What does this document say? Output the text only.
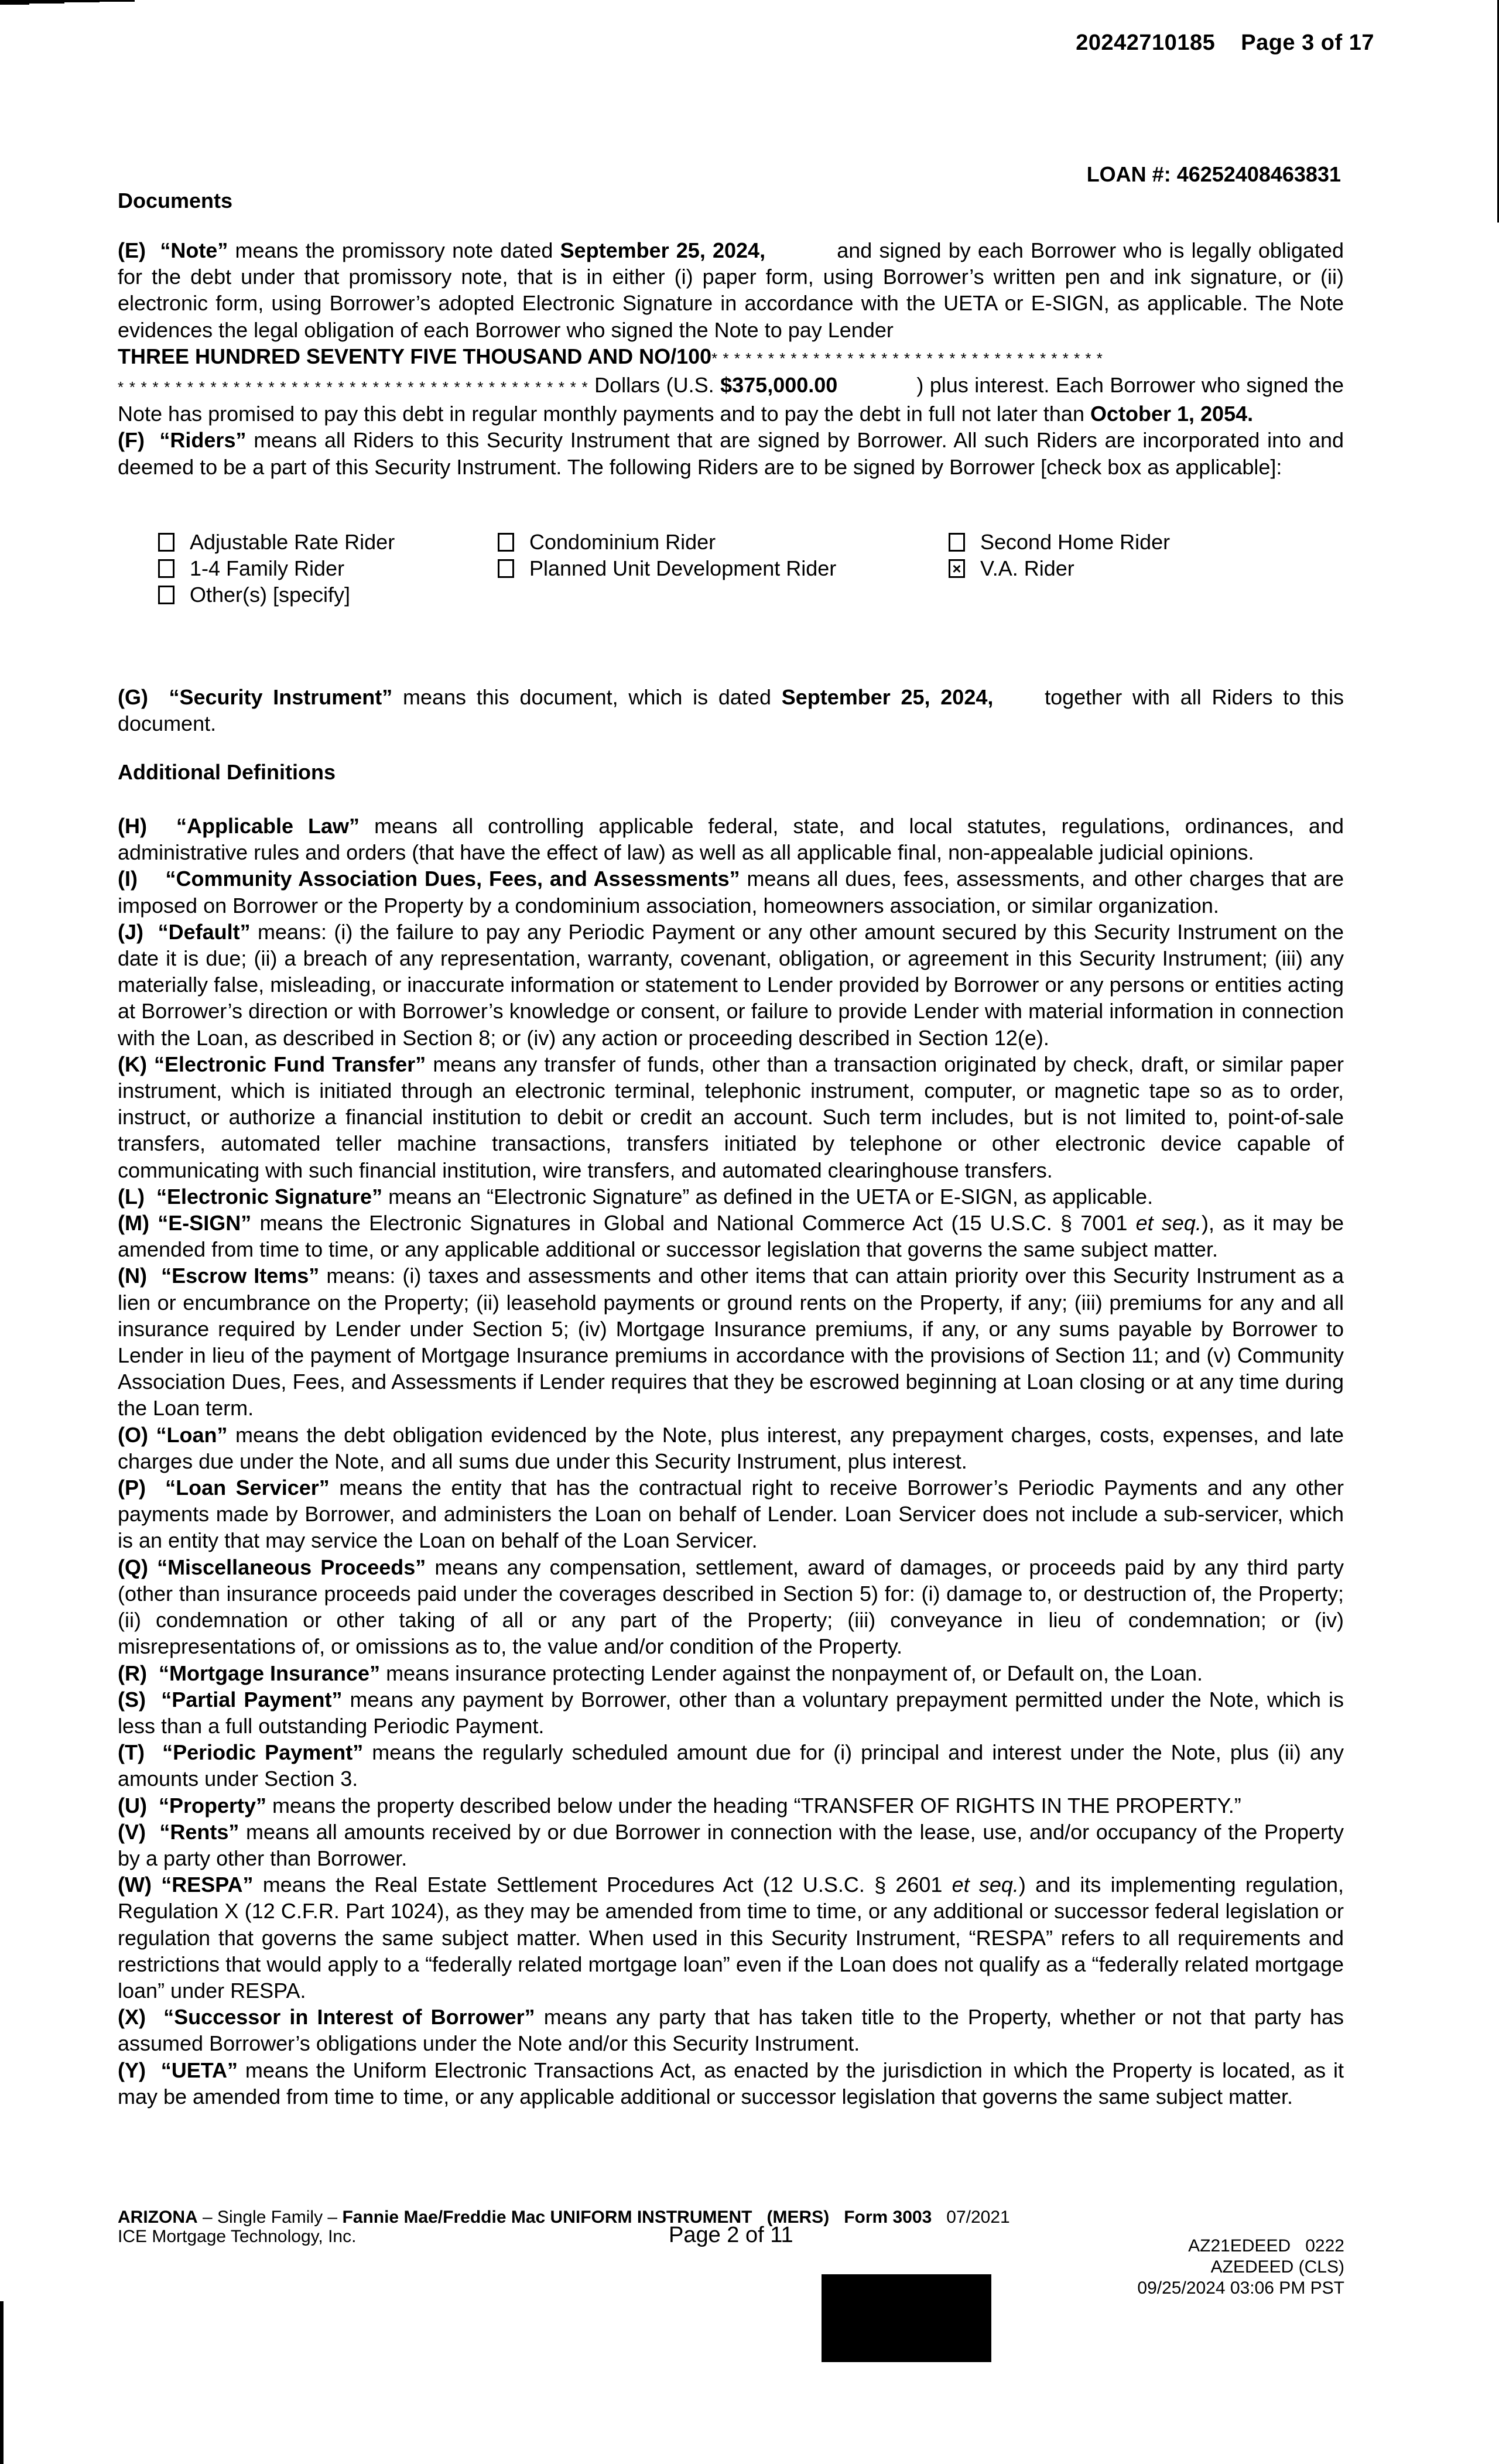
20242710185 Page 3 of 17
LOAN #: 46252408463831
Documents

(E) “Note” means the promissory note dated September 25, 2024,	and signed by each Borrower who is legally obligated for the debt under that promissory note, that is in either (i) paper form, using Borrower’s written pen and ink signature, or (ii) electronic form, using Borrower’s adopted Electronic Signature in accordance with the UETA or E-SIGN, as applicable. The Note evidences the legal obligation of each Borrower who signed the Note to pay Lender
THREE HUNDRED SEVENTY FIVE THOUSAND AND NO/100* * * * * * * * * * * * * * * * * * * * * * * * * * * * * * * * * * *
* * * * * * * * * * * * * * * * * * * * * * * * * * * * * * * * * * * * * * * * * Dollars (U.S. $375,000.00	) plus interest. Each Borrower who signed the Note has promised to pay this debt in regular monthly payments and to pay the debt in full not later than October 1, 2054.

(F) “Riders” means all Riders to this Security Instrument that are signed by Borrower. All such Riders are incorporated into and deemed to be a part of this Security Instrument. The following Riders are to be signed by Borrower [check box as applicable]:

Adjustable Rate Rider	Condominium Rider	Second Home Rider
1-4 Family Rider	Planned Unit Development Rider	× V.A. Rider
Other(s) [specify]

(G) “Security Instrument” means this document, which is dated September 25, 2024, together with all Riders to this document.

Additional Definitions

(H) “Applicable Law” means all controlling applicable federal, state, and local statutes, regulations, ordinances, and administrative rules and orders (that have the effect of law) as well as all applicable final, non-appealable judicial opinions.

(I) “Community Association Dues, Fees, and Assessments” means all dues, fees, assessments, and other charges that are imposed on Borrower or the Property by a condominium association, homeowners association, or similar organization.

(J) “Default” means: (i) the failure to pay any Periodic Payment or any other amount secured by this Security Instrument on the date it is due; (ii) a breach of any representation, warranty, covenant, obligation, or agreement in this Security Instrument; (iii) any materially false, misleading, or inaccurate information or statement to Lender provided by Borrower or any persons or entities acting at Borrower’s direction or with Borrower’s knowledge or consent, or failure to provide Lender with material information in connection with the Loan, as described in Section 8; or (iv) any action or proceeding described in Section 12(e).

(K) “Electronic Fund Transfer” means any transfer of funds, other than a transaction originated by check, draft, or similar paper instrument, which is initiated through an electronic terminal, telephonic instrument, computer, or magnetic tape so as to order, instruct, or authorize a financial institution to debit or credit an account. Such term includes, but is not limited to, point-of-sale transfers, automated teller machine transactions, transfers initiated by telephone or other electronic device capable of communicating with such financial institution, wire transfers, and automated clearinghouse transfers.

(L) “Electronic Signature” means an “Electronic Signature” as defined in the UETA or E-SIGN, as applicable.

(M) “E-SIGN” means the Electronic Signatures in Global and National Commerce Act (15 U.S.C. § 7001 et seq.), as it may be amended from time to time, or any applicable additional or successor legislation that governs the same subject matter.

(N) “Escrow Items” means: (i) taxes and assessments and other items that can attain priority over this Security Instrument as a lien or encumbrance on the Property; (ii) leasehold payments or ground rents on the Property, if any; (iii) premiums for any and all insurance required by Lender under Section 5; (iv) Mortgage Insurance premiums, if any, or any sums payable by Borrower to Lender in lieu of the payment of Mortgage Insurance premiums in accordance with the provisions of Section 11; and (v) Community Association Dues, Fees, and Assessments if Lender requires that they be escrowed beginning at Loan closing or at any time during the Loan term.

(O) “Loan” means the debt obligation evidenced by the Note, plus interest, any prepayment charges, costs, expenses, and late charges due under the Note, and all sums due under this Security Instrument, plus interest.

(P) “Loan Servicer” means the entity that has the contractual right to receive Borrower’s Periodic Payments and any other payments made by Borrower, and administers the Loan on behalf of Lender. Loan Servicer does not include a sub-servicer, which is an entity that may service the Loan on behalf of the Loan Servicer.

(Q) “Miscellaneous Proceeds” means any compensation, settlement, award of damages, or proceeds paid by any third party (other than insurance proceeds paid under the coverages described in Section 5) for: (i) damage to, or destruction of, the Property; (ii) condemnation or other taking of all or any part of the Property; (iii) conveyance in lieu of condemnation; or (iv) misrepresentations of, or omissions as to, the value and/or condition of the Property.

(R) “Mortgage Insurance” means insurance protecting Lender against the nonpayment of, or Default on, the Loan.

(S) “Partial Payment” means any payment by Borrower, other than a voluntary prepayment permitted under the Note, which is less than a full outstanding Periodic Payment.

(T) “Periodic Payment” means the regularly scheduled amount due for (i) principal and interest under the Note, plus (ii) any amounts under Section 3.

(U) “Property” means the property described below under the heading “TRANSFER OF RIGHTS IN THE PROPERTY.”

(V) “Rents” means all amounts received by or due Borrower in connection with the lease, use, and/or occupancy of the Property by a party other than Borrower.

(W) “RESPA” means the Real Estate Settlement Procedures Act (12 U.S.C. § 2601 et seq.) and its implementing regulation, Regulation X (12 C.F.R. Part 1024), as they may be amended from time to time, or any additional or successor federal legislation or regulation that governs the same subject matter. When used in this Security Instrument, “RESPA” refers to all requirements and restrictions that would apply to a “federally related mortgage loan” even if the Loan does not qualify as a “federally related mortgage loan” under RESPA.

(X) “Successor in Interest of Borrower” means any party that has taken title to the Property, whether or not that party has assumed Borrower’s obligations under the Note and/or this Security Instrument.

(Y) “UETA” means the Uniform Electronic Transactions Act, as enacted by the jurisdiction in which the Property is located, as it may be amended from time to time, or any applicable additional or successor legislation that governs the same subject matter.

ARIZONA – Single Family – Fannie Mae/Freddie Mac UNIFORM INSTRUMENT (MERS) Form 3003 07/2021
ICE Mortgage Technology, Inc.	Page 2 of 11	AZ21EDEED 0222
AZEDEED (CLS)
09/25/2024 03:06 PM PST
